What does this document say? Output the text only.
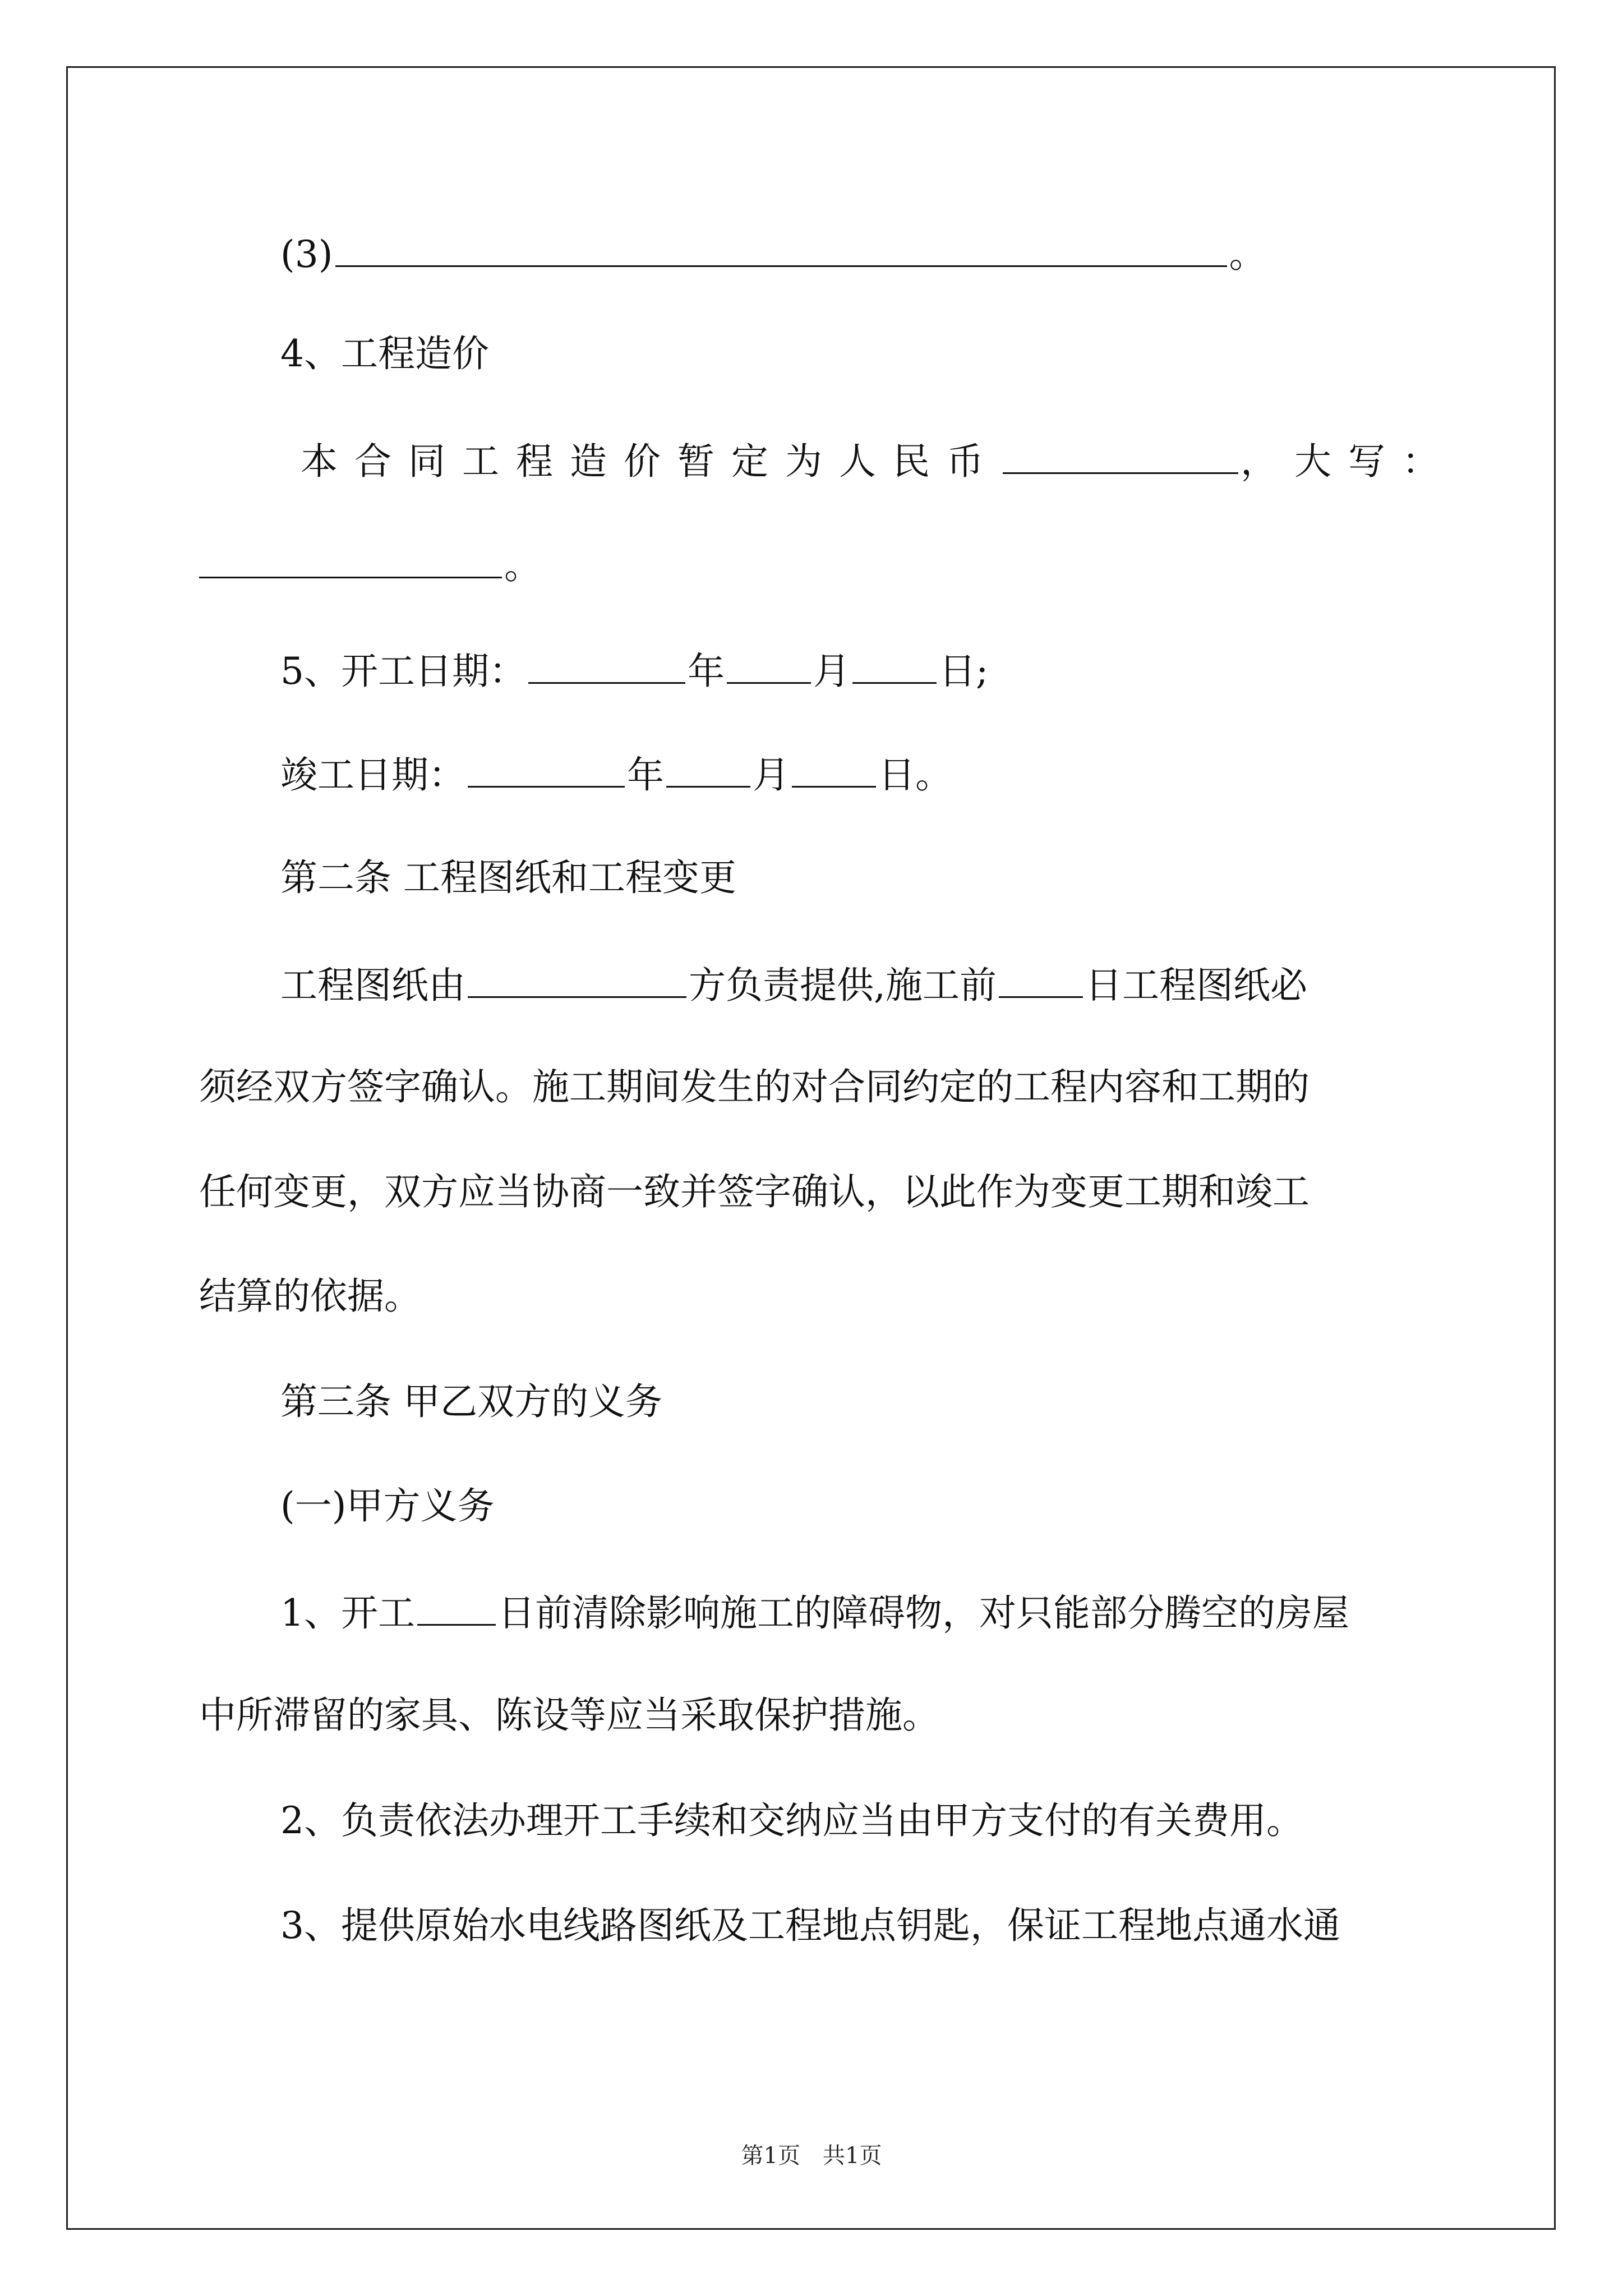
(3)	。
4、工程造价
本合同工程造价暂定为人民币	，大写：
。
5、开工日期：	年 月 日;
竣工日期：	年 月 日。
第二条 工程图纸和工程变更
工程图纸由	方负责提供,施工前 日工程图纸必
须经双方签字确认。施工期间发生的对合同约定的工程内容和工期的
任何变更，双方应当协商一致并签字确认，以此作为变更工期和竣工
结算的依据。
第三条 甲乙双方的义务
(一)甲方义务
1、开工 日前清除影响施工的障碍物，对只能部分腾空的房屋
中所滞留的家具、陈设等应当采取保护措施。
2、负责依法办理开工手续和交纳应当由甲方支付的有关费用。
3、提供原始水电线路图纸及工程地点钥匙，保证工程地点通水通
第1页 共1页
